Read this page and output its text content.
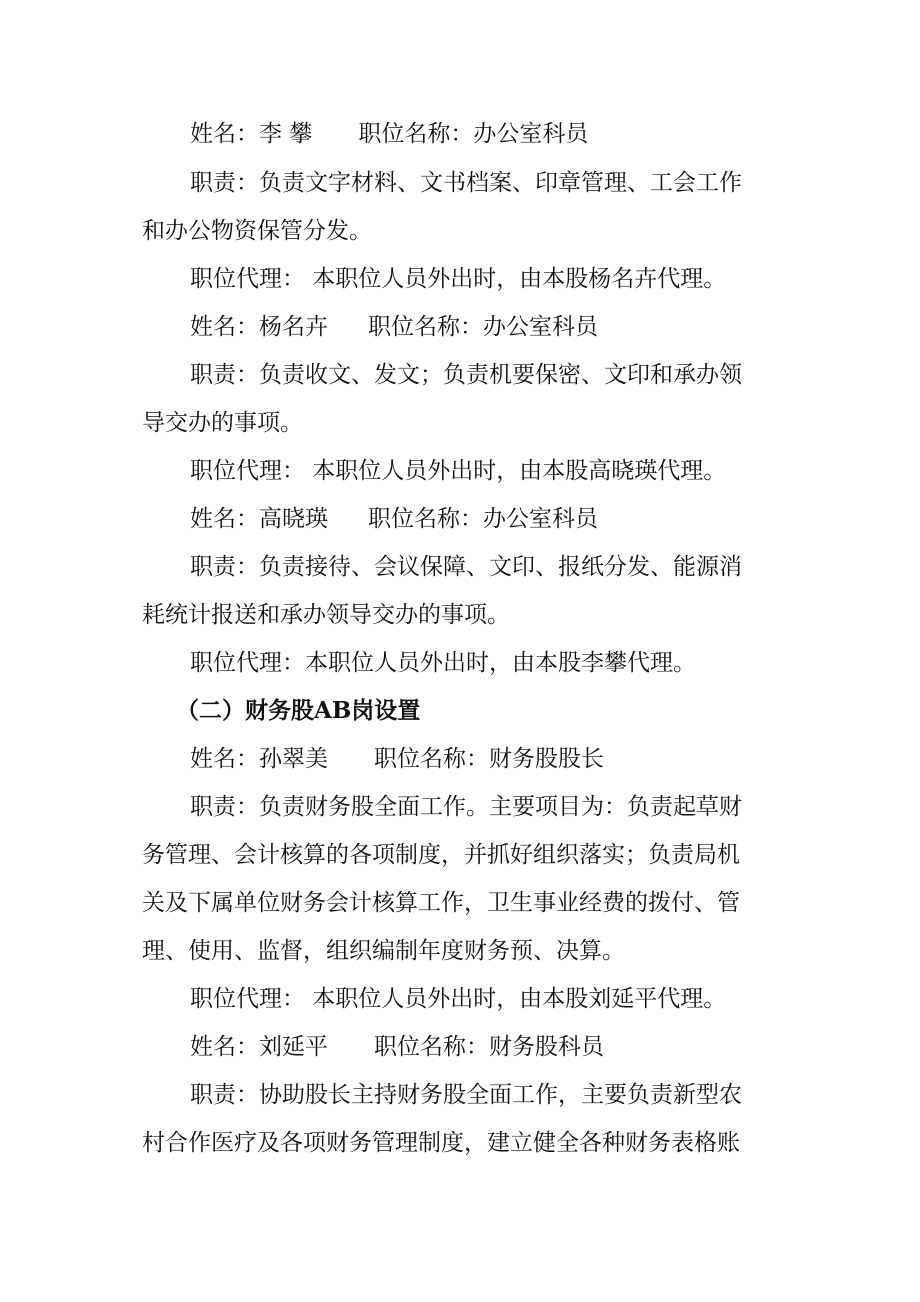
姓名：李 攀 职位名称：办公室科员
职责：负责文字材料、文书档案、印章管理、工会工作
和办公物资保管分发。
职位代理： 本职位人员外出时，由本股杨名卉代理。
姓名：杨名卉 职位名称：办公室科员
职责：负责收文、发文；负责机要保密、文印和承办领
导交办的事项。
职位代理： 本职位人员外出时，由本股高晓瑛代理。
姓名：高晓瑛 职位名称：办公室科员
职责：负责接待、会议保障、文印、报纸分发、能源消
耗统计报送和承办领导交办的事项。
职位代理：本职位人员外出时，由本股李攀代理。
（二）财务股AB岗设置
姓名：孙翠美 职位名称：财务股股长
职责：负责财务股全面工作。主要项目为：负责起草财
务管理、会计核算的各项制度，并抓好组织落实；负责局机
关及下属单位财务会计核算工作，卫生事业经费的拨付、管
理、使用、监督，组织编制年度财务预、决算。
职位代理： 本职位人员外出时，由本股刘延平代理。
姓名：刘延平 职位名称：财务股科员
职责：协助股长主持财务股全面工作，主要负责新型农
村合作医疗及各项财务管理制度，建立健全各种财务表格账
